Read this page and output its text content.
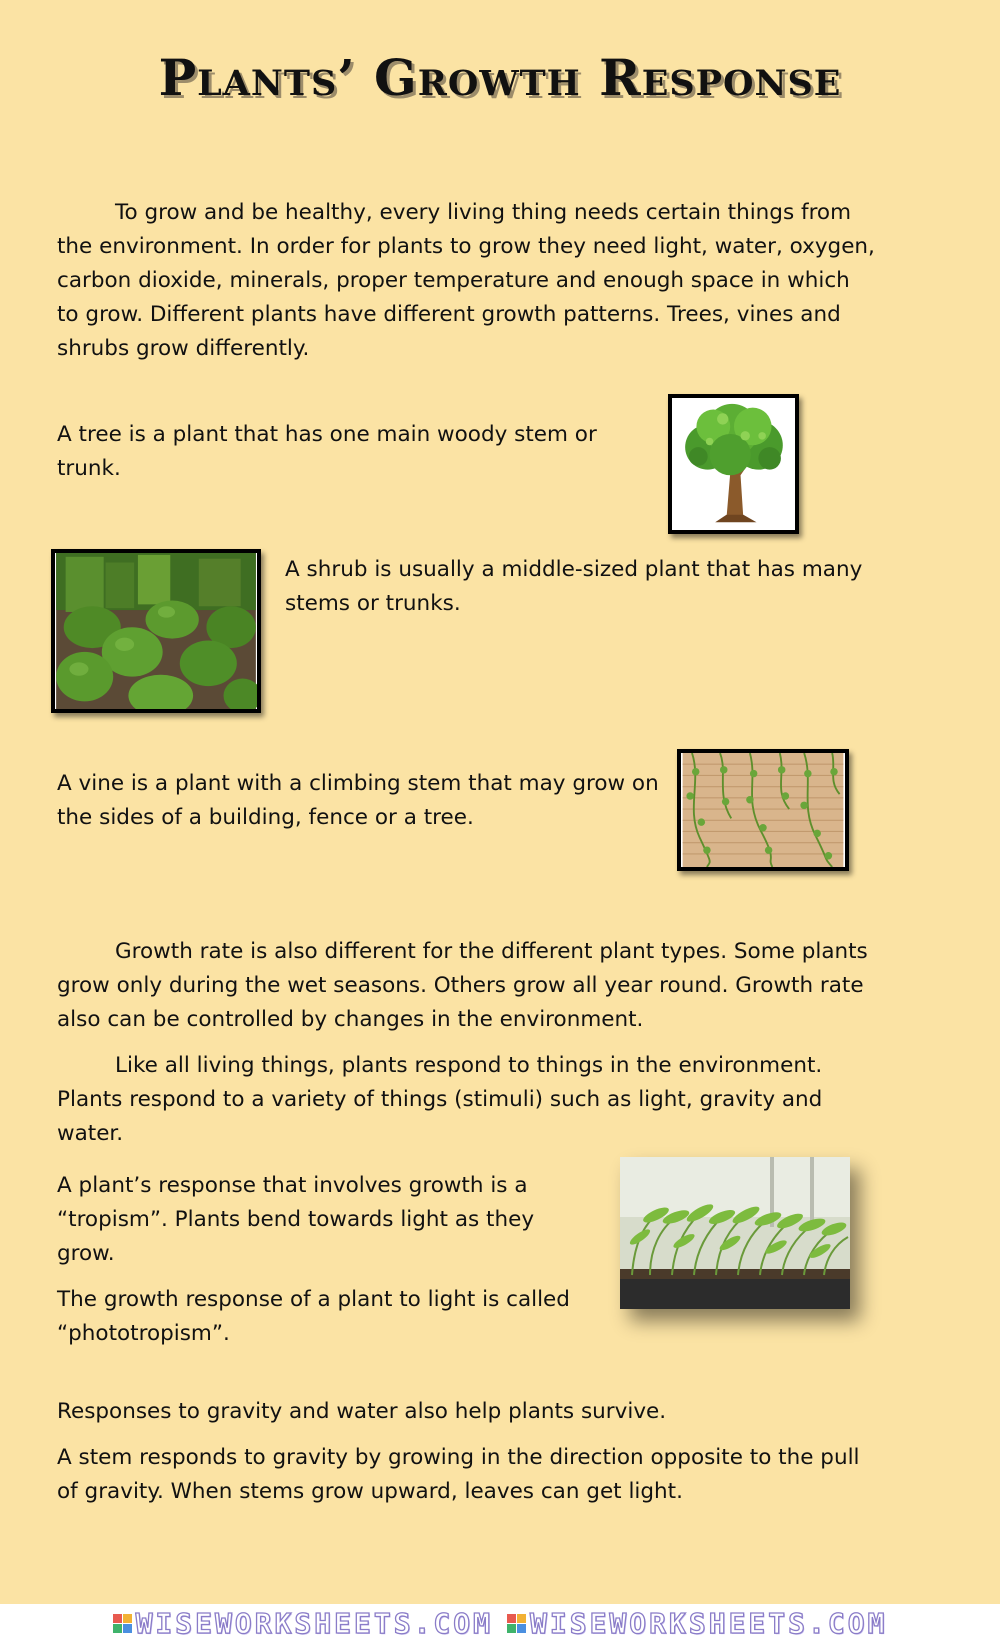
Plants’ Growth Response

To grow and be healthy, every living thing needs certain things from the environment. In order for plants to grow they need light, water, oxygen, carbon dioxide, minerals, proper temperature and enough space in which to grow. Different plants have different growth patterns. Trees, vines and shrubs grow differently.

A tree is a plant that has one main woody stem or trunk.

A shrub is usually a middle-sized plant that has many stems or trunks.

A vine is a plant with a climbing stem that may grow on the sides of a building, fence or a tree.

Growth rate is also different for the different plant types. Some plants grow only during the wet seasons. Others grow all year round. Growth rate also can be controlled by changes in the environment.

Like all living things, plants respond to things in the environment. Plants respond to a variety of things (stimuli) such as light, gravity and water.

A plant’s response that involves growth is a “tropism”. Plants bend towards light as they grow.

The growth response of a plant to light is called “phototropism”.

Responses to gravity and water also help plants survive.

A stem responds to gravity by growing in the direction opposite to the pull of gravity. When stems grow upward, leaves can get light.

WISEWORKSHEETS.COM WISEWORKSHEETS.COM
